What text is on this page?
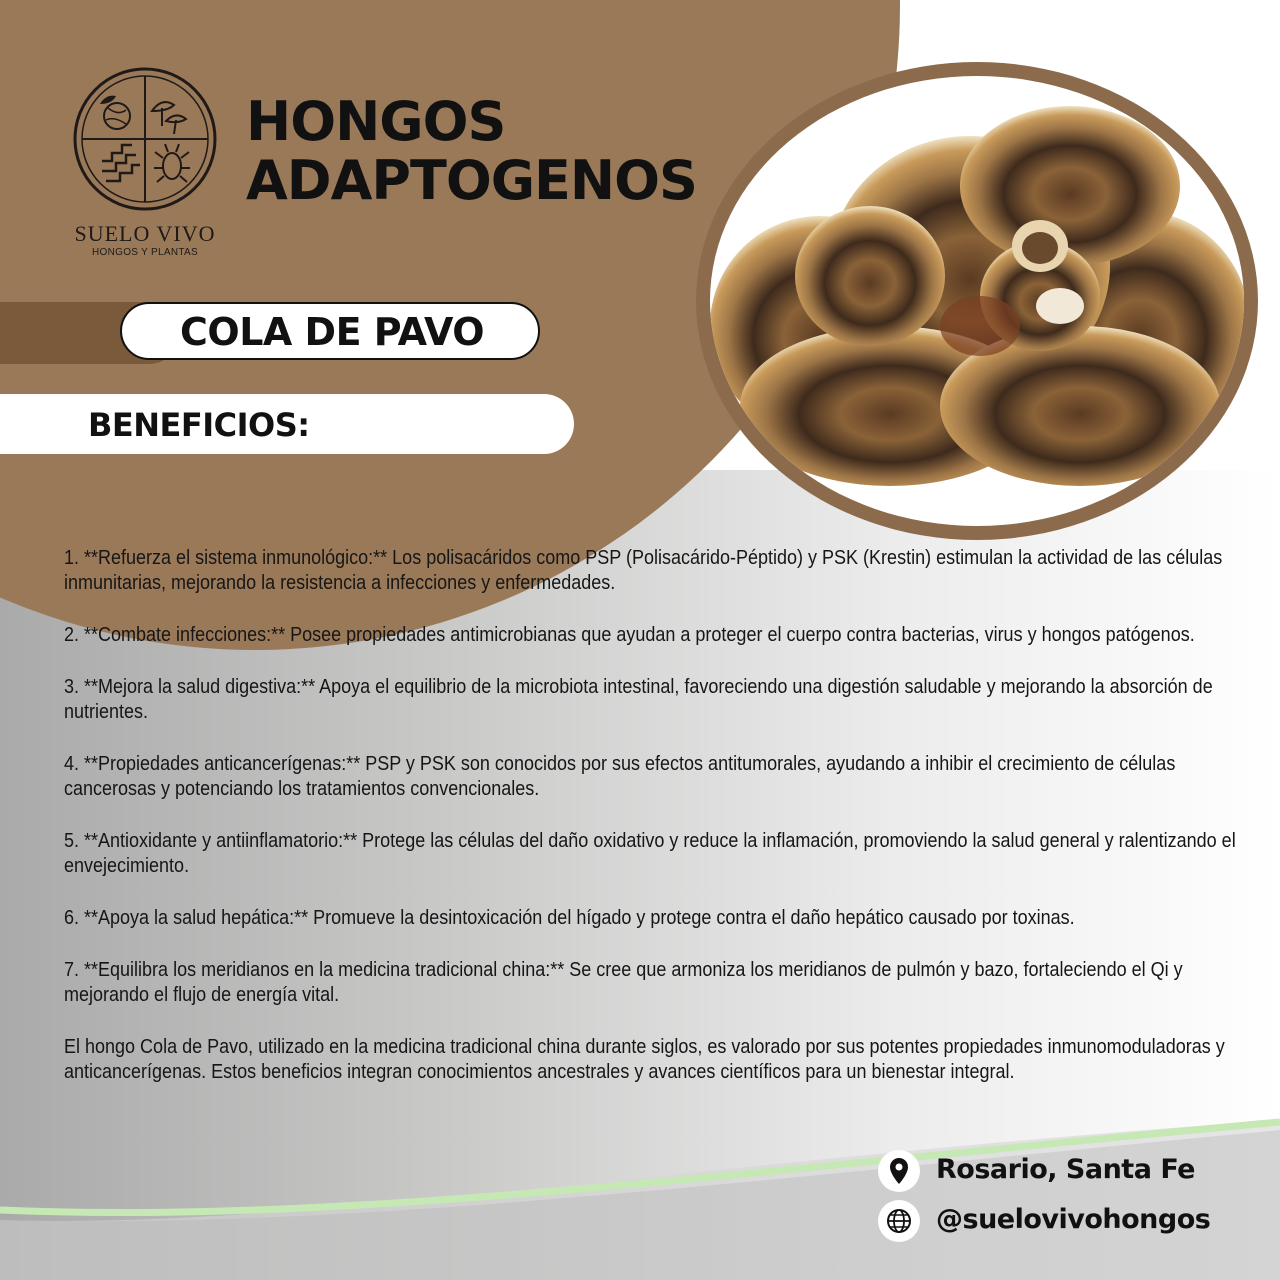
SUELO VIVO
HONGOS Y PLANTAS
HONGOS
ADAPTOGENOS
COLA DE PAVO
BENEFICIOS:

1. **Refuerza el sistema inmunológico:** Los polisacáridos como PSP (Polisacárido-Péptido) y PSK (Krestin) estimulan la actividad de las células inmunitarias, mejorando la resistencia a infecciones y enfermedades.

2. **Combate infecciones:** Posee propiedades antimicrobianas que ayudan a proteger el cuerpo contra bacterias, virus y hongos patógenos.

3. **Mejora la salud digestiva:** Apoya el equilibrio de la microbiota intestinal, favoreciendo una digestión saludable y mejorando la absorción de nutrientes.

4. **Propiedades anticancerígenas:** PSP y PSK son conocidos por sus efectos antitumorales, ayudando a inhibir el crecimiento de células cancerosas y potenciando los tratamientos convencionales.

5. **Antioxidante y antiinflamatorio:** Protege las células del daño oxidativo y reduce la inflamación, promoviendo la salud general y ralentizando el envejecimiento.

6. **Apoya la salud hepática:** Promueve la desintoxicación del hígado y protege contra el daño hepático causado por toxinas.

7. **Equilibra los meridianos en la medicina tradicional china:** Se cree que armoniza los meridianos de pulmón y bazo, fortaleciendo el Qi y mejorando el flujo de energía vital.

El hongo Cola de Pavo, utilizado en la medicina tradicional china durante siglos, es valorado por sus potentes propiedades inmunomoduladoras y anticancerígenas. Estos beneficios integran conocimientos ancestrales y avances científicos para un bienestar integral.

Rosario, Santa Fe
@suelovivohongos
